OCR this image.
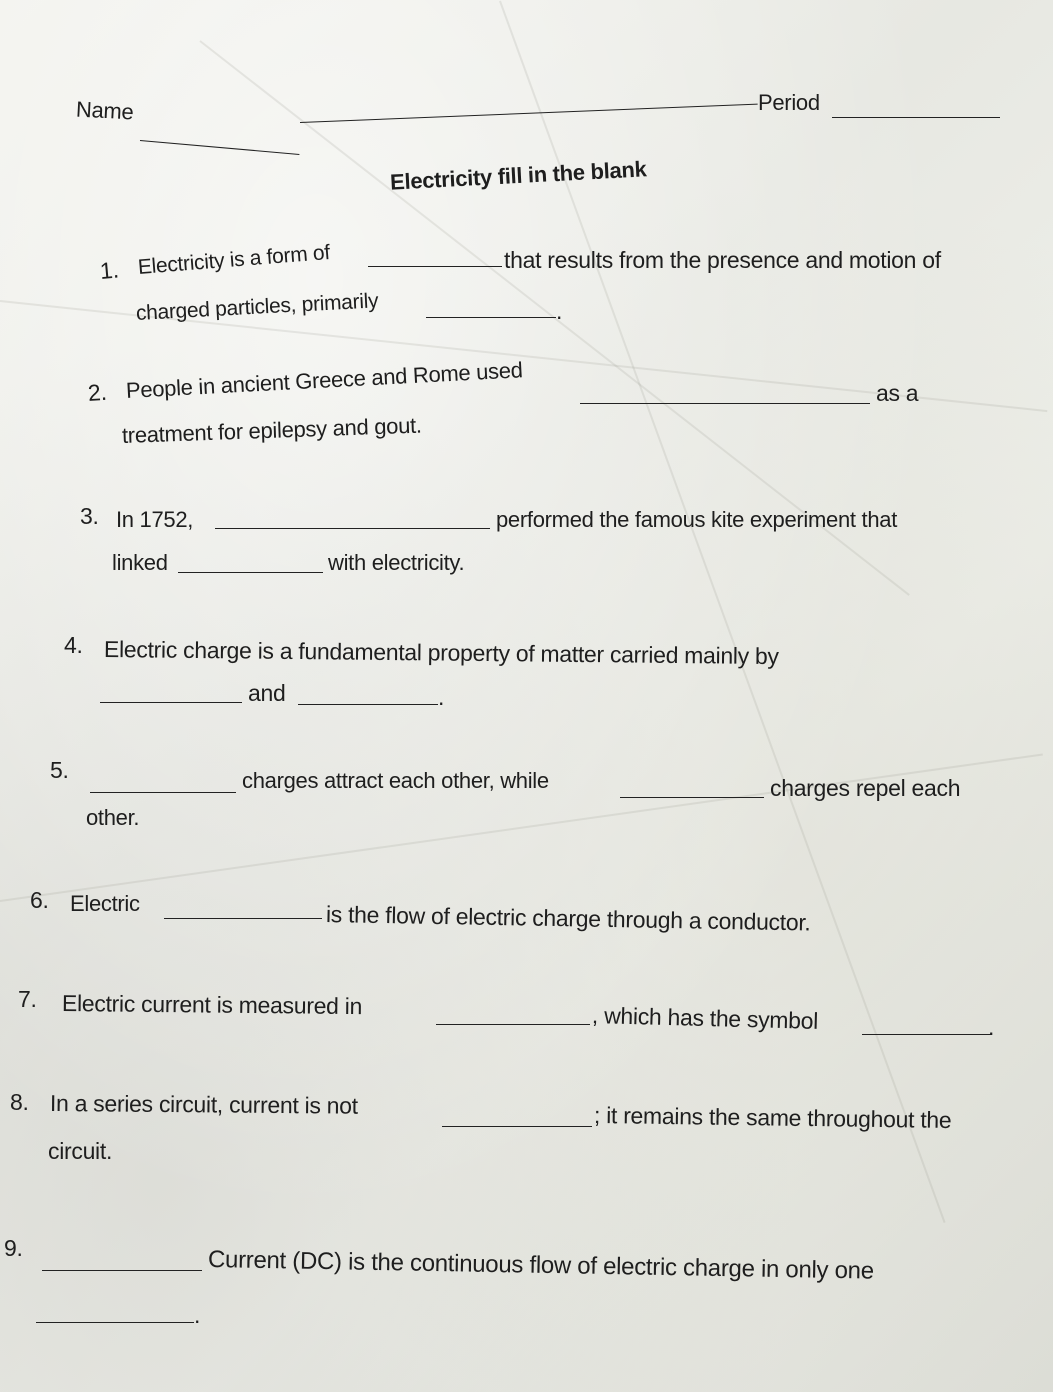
Name	Period
Electricity fill in the blank
1. Electricity is a form of	that results from the presence and motion of
charged particles, primarily	.
2. People in ancient Greece and Rome used	as a
treatment for epilepsy and gout.
3. In 1752,	performed the famous kite experiment that
linked	with electricity.
4. Electric charge is a fundamental property of matter carried mainly by
and	.
5.	charges attract each other, while	charges repel each
other.
6. Electric	is the flow of electric charge through a conductor.
7. Electric current is measured in	, which has the symbol	.
8. In a series circuit, current is not	; it remains the same throughout the
circuit.
9.	Current (DC) is the continuous flow of electric charge in only one
.
